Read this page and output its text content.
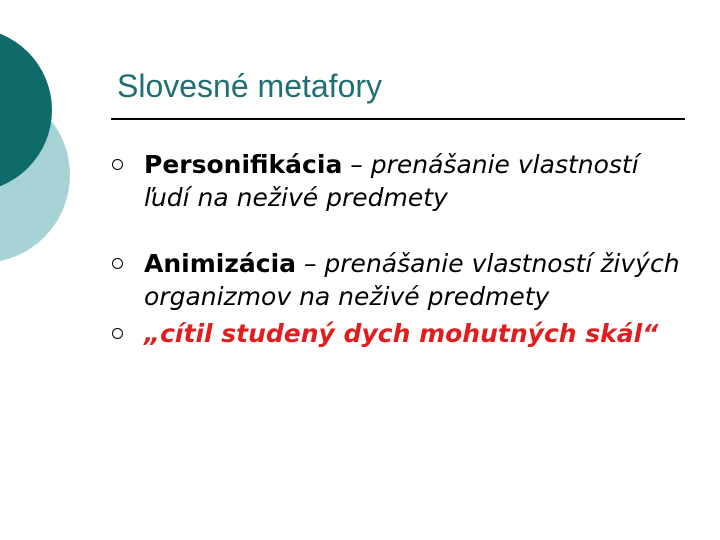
Slovesné metafory
Personifikácia – prenášanie vlastností ľudí na neživé predmety
Animizácia – prenášanie vlastností živých organizmov na neživé predmety
„cítil studený dych mohutných skál“
